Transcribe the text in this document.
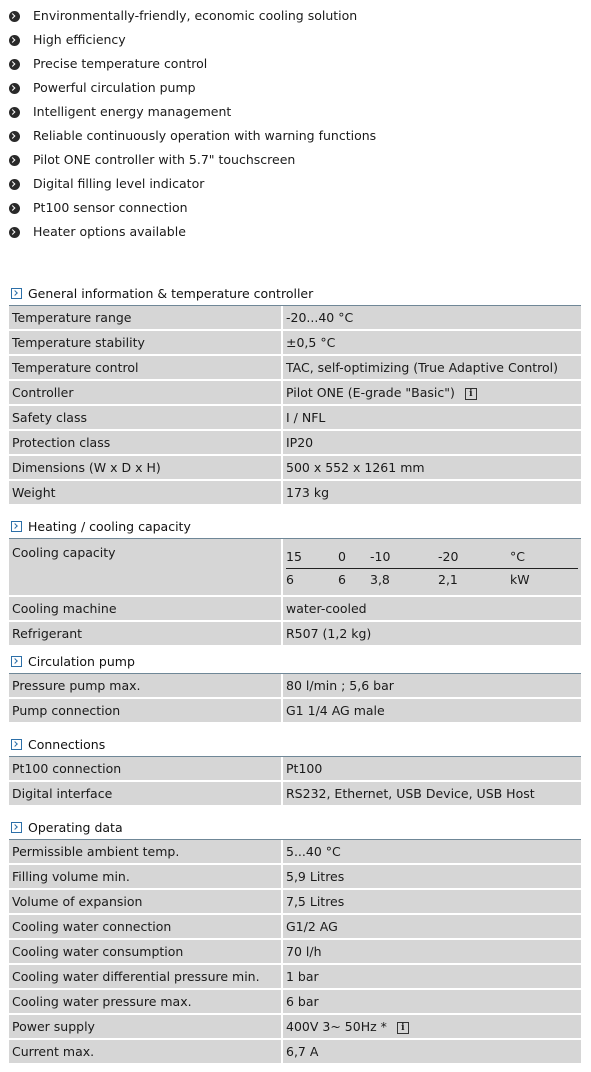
Environmentally-friendly, economic cooling solution
High efficiency
Precise temperature control
Powerful circulation pump
Intelligent energy management
Reliable continuously operation with warning functions
Pilot ONE controller with 5.7" touchscreen
Digital filling level indicator
Pt100 sensor connection
Heater options available
General information & temperature controller
Temperature range	-20...40 °C
Temperature stability	±0,5 °C
Temperature control	TAC, self-optimizing (True Adaptive Control)
Controller	Pilot ONE (E-grade "Basic") i
Safety class	I / NFL
Protection class	IP20
Dimensions (W x D x H)	500 x 552 x 1261 mm
Weight	173 kg
Heating / cooling capacity
Cooling capacity		15	0	-10	-20	°C
6	6	3,8	2,1	kW

Cooling machine	water-cooled
Refrigerant	R507 (1,2 kg)
Circulation pump
Pressure pump max.	80 l/min ; 5,6 bar
Pump connection	G1 1/4 AG male
Connections
Pt100 connection	Pt100
Digital interface	RS232, Ethernet, USB Device, USB Host
Operating data
Permissible ambient temp.	5...40 °C
Filling volume min.	5,9 Litres
Volume of expansion	7,5 Litres
Cooling water connection	G1/2 AG
Cooling water consumption	70 l/h
Cooling water differential pressure min.	1 bar
Cooling water pressure max.	6 bar
Power supply	400V 3~ 50Hz * i
Current max.	6,7 A
